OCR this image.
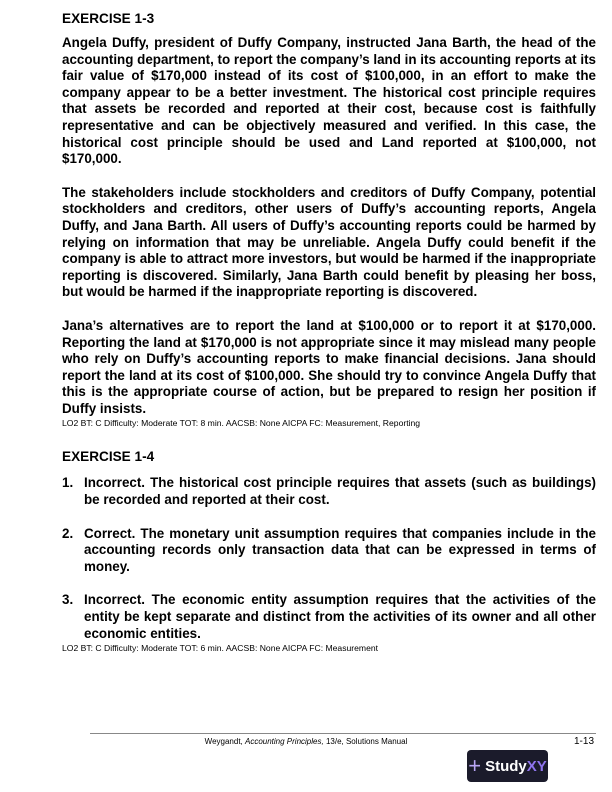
EXERCISE 1-3

Angela Duffy, president of Duffy Company, instructed Jana Barth, the head of the accounting department, to report the company’s land in its accounting reports at its fair value of $170,000 instead of its cost of $100,000, in an effort to make the company appear to be a better investment. The historical cost principle requires that assets be recorded and reported at their cost, because cost is faithfully representative and can be objectively measured and verified. In this case, the historical cost principle should be used and Land reported at $100,000, not $170,000.

The stakeholders include stockholders and creditors of Duffy Company, potential stockholders and creditors, other users of Duffy’s accounting reports, Angela Duffy, and Jana Barth. All users of Duffy’s accounting reports could be harmed by relying on information that may be unreliable. Angela Duffy could benefit if the company is able to attract more investors, but would be harmed if the inappropriate reporting is discovered. Similarly, Jana Barth could benefit by pleasing her boss, but would be harmed if the inappropriate reporting is discovered.

Jana’s alternatives are to report the land at $100,000 or to report it at $170,000. Reporting the land at $170,000 is not appropriate since it may mislead many people who rely on Duffy’s accounting reports to make financial decisions. Jana should report the land at its cost of $100,000. She should try to convince Angela Duffy that this is the appropriate course of action, but be prepared to resign her position if Duffy insists.

LO2 BT: C Difficulty: Moderate TOT: 8 min. AACSB: None AICPA FC: Measurement, Reporting

EXERCISE 1-4
1. Incorrect. The historical cost principle requires that assets (such as buildings) be recorded and reported at their cost.
2. Correct. The monetary unit assumption requires that companies include in the accounting records only transaction data that can be expressed in terms of money.
3. Incorrect. The economic entity assumption requires that the activities of the entity be kept separate and distinct from the activities of its owner and all other economic entities.

LO2 BT: C Difficulty: Moderate TOT: 6 min. AACSB: None AICPA FC: Measurement

Weygandt, Accounting Principles, 13/e, Solutions Manual	1-13
+ Study XY
